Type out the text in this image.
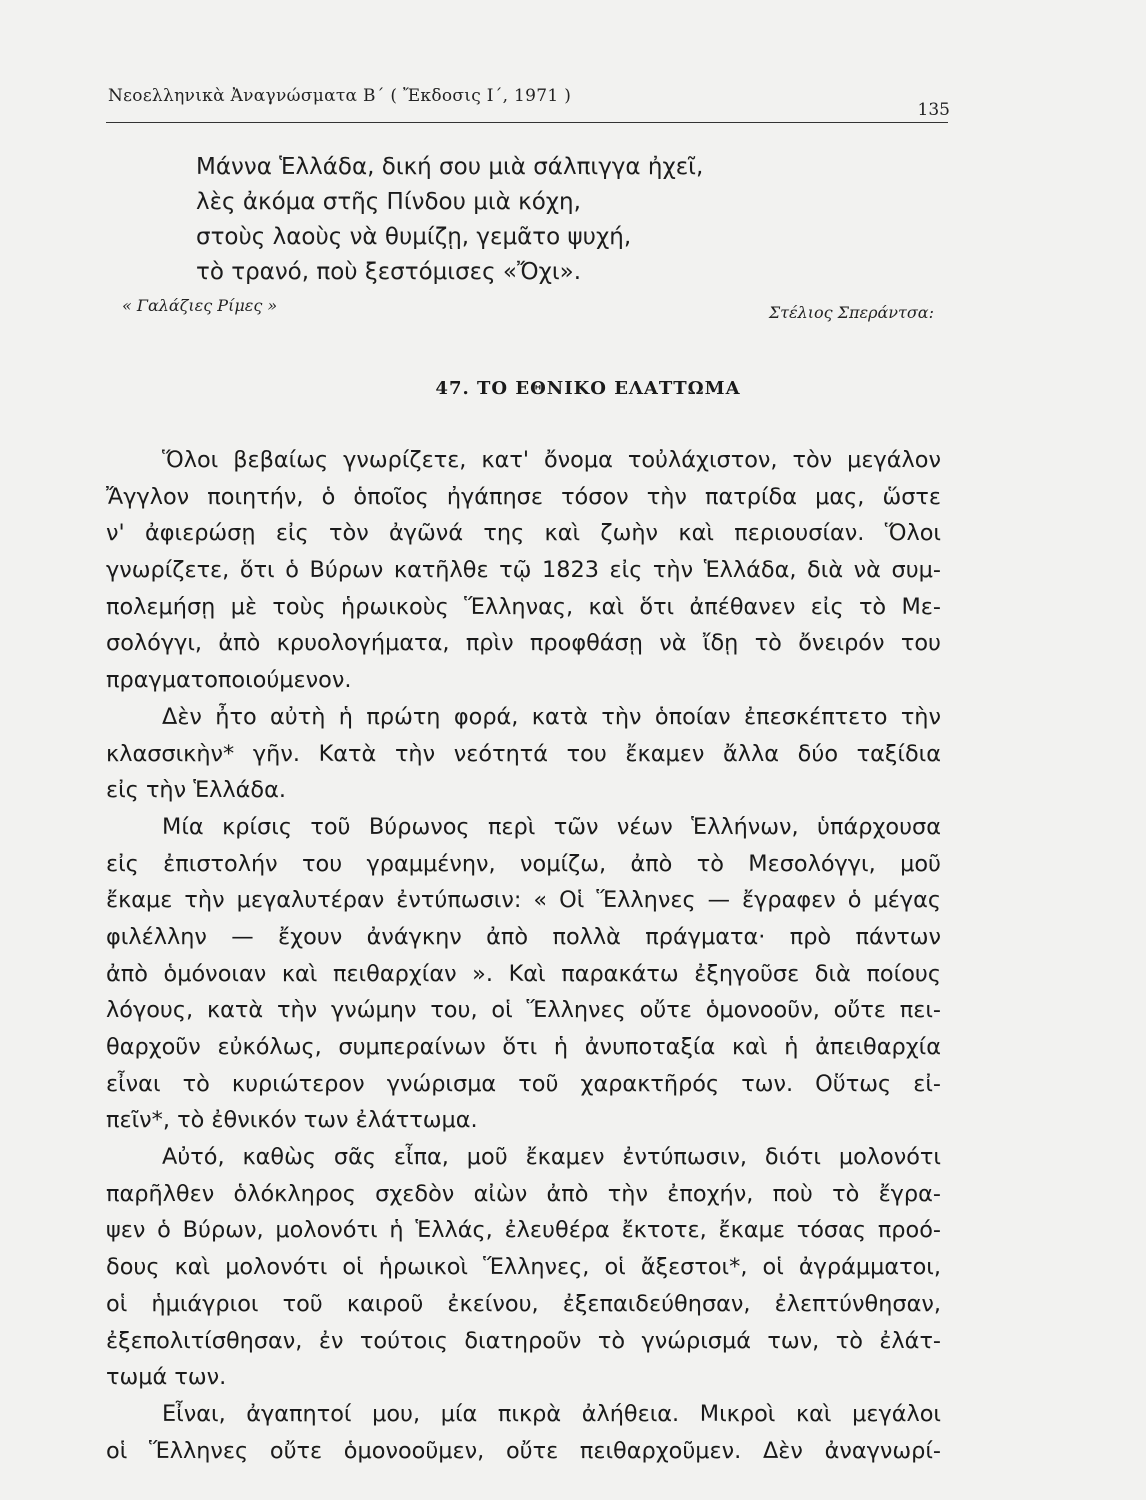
Νεοελληνικὰ Ἀναγνώσματα Β΄ ( Ἔκδοσις Ι΄, 1971 )
135
Μάννα Ἑλλάδα, δική σου μιὰ σάλπιγγα ἠχεῖ,
λὲς ἀκόμα στῆς Πίνδου μιὰ κόχη,
στοὺς λαοὺς νὰ θυμίζῃ, γεμᾶτο ψυχή,
τὸ τρανό, ποὺ ξεστόμισες «Ὄχι».
« Γαλάζιες Ρίμες »	Στέλιος Σπεράντσα:
47. ΤΟ ΕΘΝΙΚΟ ΕΛΑΤΤΩΜΑ
Ὅλοι βεβαίως γνωρίζετε, κατ' ὄνομα τοὐλάχιστον, τὸν μεγάλον
Ἄγγλον ποιητήν, ὁ ὁποῖος ἠγάπησε τόσον τὴν πατρίδα μας, ὥστε
ν' ἀφιερώσῃ εἰς τὸν ἀγῶνά της καὶ ζωὴν καὶ περιουσίαν. Ὅλοι
γνωρίζετε, ὅτι ὁ Βύρων κατῆλθε τῷ 1823 εἰς τὴν Ἑλλάδα, διὰ νὰ συμ-
πολεμήσῃ μὲ τοὺς ἡρωικοὺς Ἕλληνας, καὶ ὅτι ἀπέθανεν εἰς τὸ Με-
σολόγγι, ἀπὸ κρυολογήματα, πρὶν προφθάσῃ νὰ ἴδῃ τὸ ὄνειρόν του
πραγματοποιούμενον.
Δὲν ἦτο αὐτὴ ἡ πρώτη φορά, κατὰ τὴν ὁποίαν ἐπεσκέπτετο τὴν
κλασσικὴν* γῆν. Κατὰ τὴν νεότητά του ἔκαμεν ἄλλα δύο ταξίδια
εἰς τὴν Ἑλλάδα.
Μία κρίσις τοῦ Βύρωνος περὶ τῶν νέων Ἑλλήνων, ὑπάρχουσα
εἰς ἐπιστολήν του γραμμένην, νομίζω, ἀπὸ τὸ Μεσολόγγι, μοῦ
ἔκαμε τὴν μεγαλυτέραν ἐντύπωσιν: « Οἱ Ἕλληνες — ἔγραφεν ὁ μέγας
φιλέλλην — ἔχουν ἀνάγκην ἀπὸ πολλὰ πράγματα· πρὸ πάντων
ἀπὸ ὁμόνοιαν καὶ πειθαρχίαν ». Καὶ παρακάτω ἐξηγοῦσε διὰ ποίους
λόγους, κατὰ τὴν γνώμην του, οἱ Ἕλληνες οὔτε ὁμονοοῦν, οὔτε πει-
θαρχοῦν εὐκόλως, συμπεραίνων ὅτι ἡ ἀνυποταξία καὶ ἡ ἀπειθαρχία
εἶναι τὸ κυριώτερον γνώρισμα τοῦ χαρακτῆρός των. Οὕτως εἰ-
πεῖν*, τὸ ἐθνικόν των ἐλάττωμα.
Αὐτό, καθὼς σᾶς εἶπα, μοῦ ἔκαμεν ἐντύπωσιν, διότι μολονότι
παρῆλθεν ὁλόκληρος σχεδὸν αἰὼν ἀπὸ τὴν ἐποχήν, ποὺ τὸ ἔγρα-
ψεν ὁ Βύρων, μολονότι ἡ Ἑλλάς, ἐλευθέρα ἔκτοτε, ἔκαμε τόσας προό-
δους καὶ μολονότι οἱ ἡρωικοὶ Ἕλληνες, οἱ ἄξεστοι*, οἱ ἀγράμματοι,
οἱ ἡμιάγριοι τοῦ καιροῦ ἐκείνου, ἐξεπαιδεύθησαν, ἐλεπτύνθησαν,
ἐξεπολιτίσθησαν, ἐν τούτοις διατηροῦν τὸ γνώρισμά των, τὸ ἐλάτ-
τωμά των.
Εἶναι, ἀγαπητοί μου, μία πικρὰ ἀλήθεια. Μικροὶ καὶ μεγάλοι
οἱ Ἕλληνες οὔτε ὁμονοοῦμεν, οὔτε πειθαρχοῦμεν. Δὲν ἀναγνωρί-
